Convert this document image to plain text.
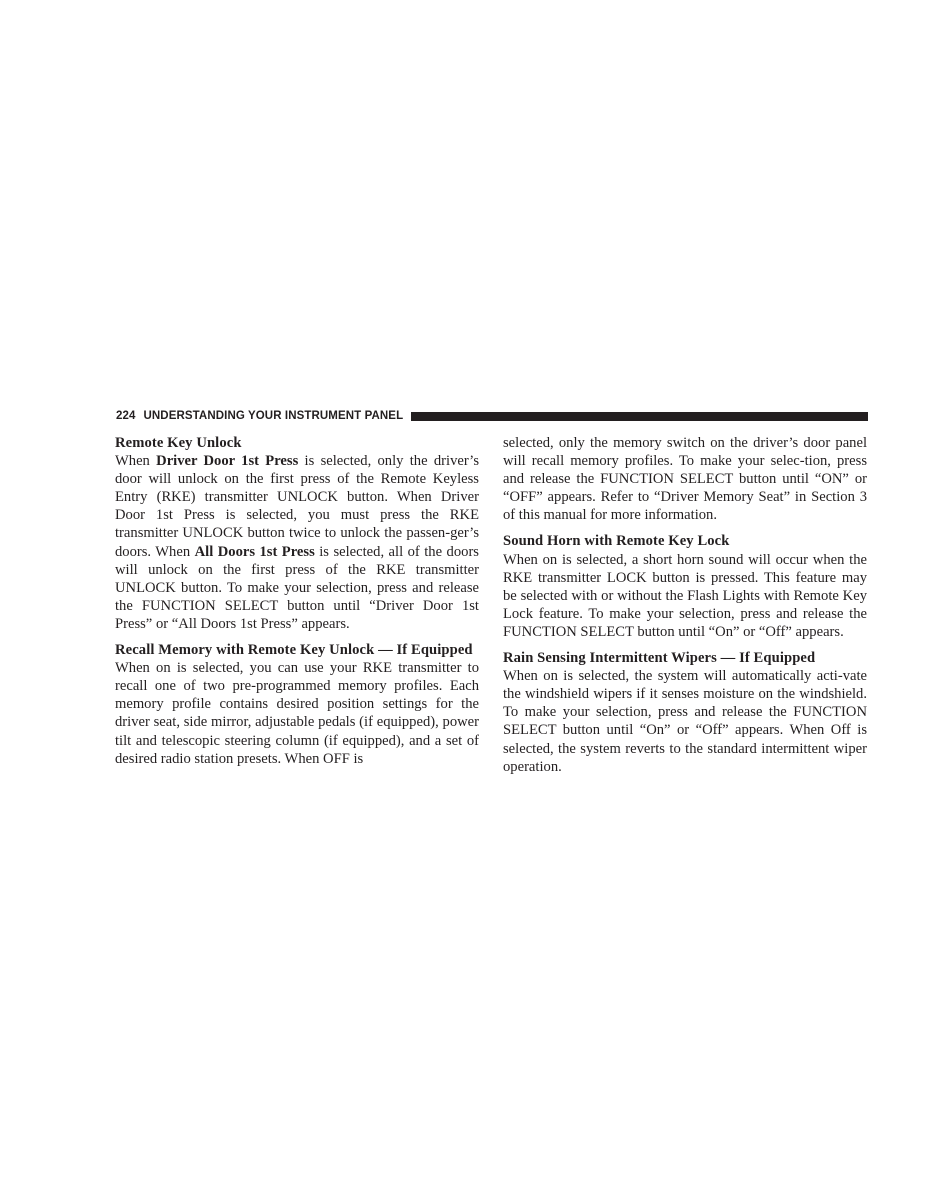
224 UNDERSTANDING YOUR INSTRUMENT PANEL
Remote Key Unlock
When Driver Door 1st Press is selected, only the driver’s door will unlock on the first press of the Remote Keyless Entry (RKE) transmitter UNLOCK button. When Driver Door 1st Press is selected, you must press the RKE transmitter UNLOCK button twice to unlock the passen-ger’s doors. When All Doors 1st Press is selected, all of the doors will unlock on the first press of the RKE transmitter UNLOCK button. To make your selection, press and release the FUNCTION SELECT button until “Driver Door 1st Press” or “All Doors 1st Press” appears.
Recall Memory with Remote Key Unlock — If Equipped
When on is selected, you can use your RKE transmitter to recall one of two pre-programmed memory profiles. Each memory profile contains desired position settings for the driver seat, side mirror, adjustable pedals (if equipped), power tilt and telescopic steering column (if equipped), and a set of desired radio station presets. When OFF is
selected, only the memory switch on the driver’s door panel will recall memory profiles. To make your selec-tion, press and release the FUNCTION SELECT button until “ON” or “OFF” appears. Refer to “Driver Memory Seat” in Section 3 of this manual for more information.
Sound Horn with Remote Key Lock
When on is selected, a short horn sound will occur when the RKE transmitter LOCK button is pressed. This feature may be selected with or without the Flash Lights with Remote Key Lock feature. To make your selection, press and release the FUNCTION SELECT button until “On” or “Off” appears.
Rain Sensing Intermittent Wipers — If Equipped
When on is selected, the system will automatically acti-vate the windshield wipers if it senses moisture on the windshield. To make your selection, press and release the FUNCTION SELECT button until “On” or “Off” appears. When Off is selected, the system reverts to the standard intermittent wiper operation.
